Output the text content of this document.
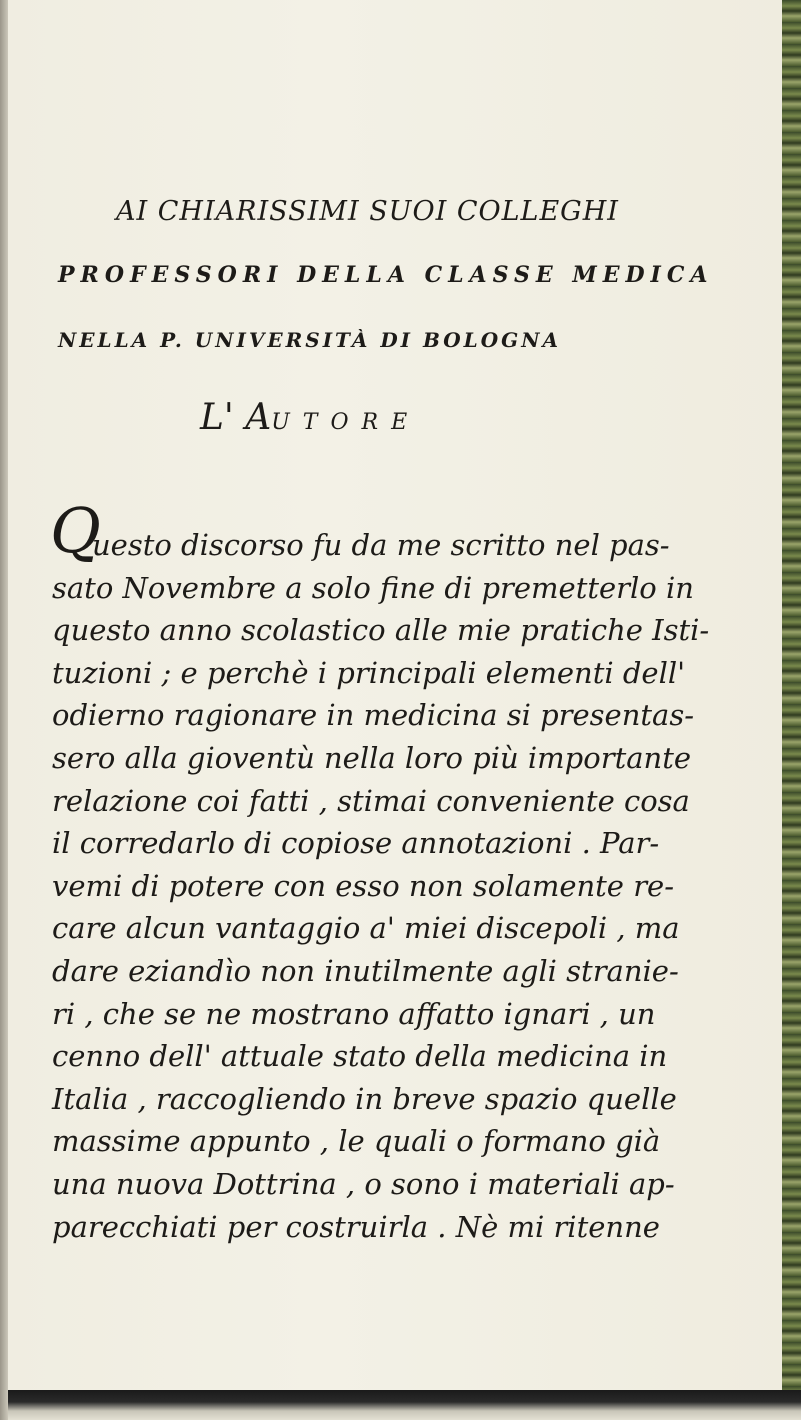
AI CHIARISSIMI SUOI COLLEGHI
PROFESSORI DELLA CLASSE MEDICA
NELLA P. UNIVERSITÀ DI BOLOGNA
L' AUTORE
Q
uesto discorso fu da me scritto nel pas-
sato Novembre a solo fine di premetterlo in
questo anno scolastico alle mie pratiche Isti-
tuzioni ; e perchè i principali elementi dell'
odierno ragionare in medicina si presentas-
sero alla gioventù nella loro più importante
relazione coi fatti , stimai conveniente cosa
il corredarlo di copiose annotazioni . Par-
vemi di potere con esso non solamente re-
care alcun vantaggio a' miei discepoli , ma
dare eziandìo non inutilmente agli stranie-
ri , che se ne mostrano affatto ignari , un
cenno dell' attuale stato della medicina in
Italia , raccogliendo in breve spazio quelle
massime appunto , le quali o formano già
una nuova Dottrina , o sono i materiali ap-
parecchiati per costruirla . Nè mi ritenne
